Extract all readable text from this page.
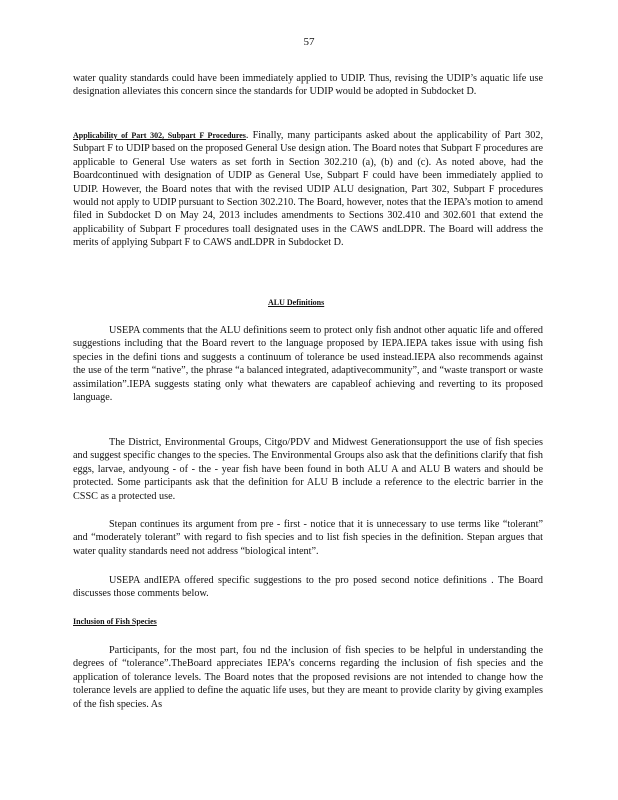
57

water quality standards could have been immediately applied to UDIP. Thus, revising the UDIP’s aquatic life use designation alleviates this concern since the standards for UDIP would be adopted in Subdocket D.

Applicability of Part 302, Subpart F Procedures. Finally, many participants asked about the applicability of Part 302, Subpart F to UDIP based on the proposed General Use design ation. The Board notes that Subpart F procedures are applicable to General Use waters as set forth in Section 302.210 (a), (b) and (c). As noted above, had the Boardcontinued with designation of UDIP as General Use, Subpart F could have been immediately applied to UDIP. However, the Board notes that with the revised UDIP ALU designation, Part 302, Subpart F procedures would not apply to UDIP pursuant to Section 302.210. The Board, however, notes that the IEPA’s motion to amend filed in Subdocket D on May 24, 2013 includes amendments to Sections 302.410 and 302.601 that extend the applicability of Subpart F procedures toall designated uses in the CAWS andLDPR. The Board will address the merits of applying Subpart F to CAWS andLDPR in Subdocket D.

ALU Definitions

USEPA comments that the ALU definitions seem to protect only fish andnot other aquatic life and offered suggestions including that the Board revert to the language proposed by IEPA.IEPA takes issue with using fish species in the defini tions and suggests a continuum of tolerance be used instead.IEPA also recommends against the use of the term “native”, the phrase “a balanced integrated, adaptivecommunity”, and “waste transport or waste assimilation”.IEPA suggests stating only what thewaters are capableof achieving and reverting to its proposed language.

The District, Environmental Groups, Citgo/PDV and Midwest Generationsupport the use of fish species and suggest specific changes to the species. The Environmental Groups also ask that the definitions clarify that fish eggs, larvae, andyoung - of - the - year fish have been found in both ALU A and ALU B waters and should be protected. Some participants ask that the definition for ALU B include a reference to the electric barrier in the CSSC as a protected use.

Stepan continues its argument from pre - first - notice that it is unnecessary to use terms like “tolerant” and “moderately tolerant” with regard to fish species and to list fish species in the definition. Stepan argues that water quality standards need not address “biological intent”.

USEPA andIEPA offered specific suggestions to the pro posed second notice definitions . The Board discusses those comments below.

Inclusion of Fish Species

Participants, for the most part, fou nd the inclusion of fish species to be helpful in understanding the degrees of “tolerance”.TheBoard appreciates IEPA’s concerns regarding the inclusion of fish species and the application of tolerance levels. The Board notes that the proposed revisions are not intended to change how the tolerance levels are applied to define the aquatic life uses, but they are meant to provide clarity by giving examples of the fish species. As
